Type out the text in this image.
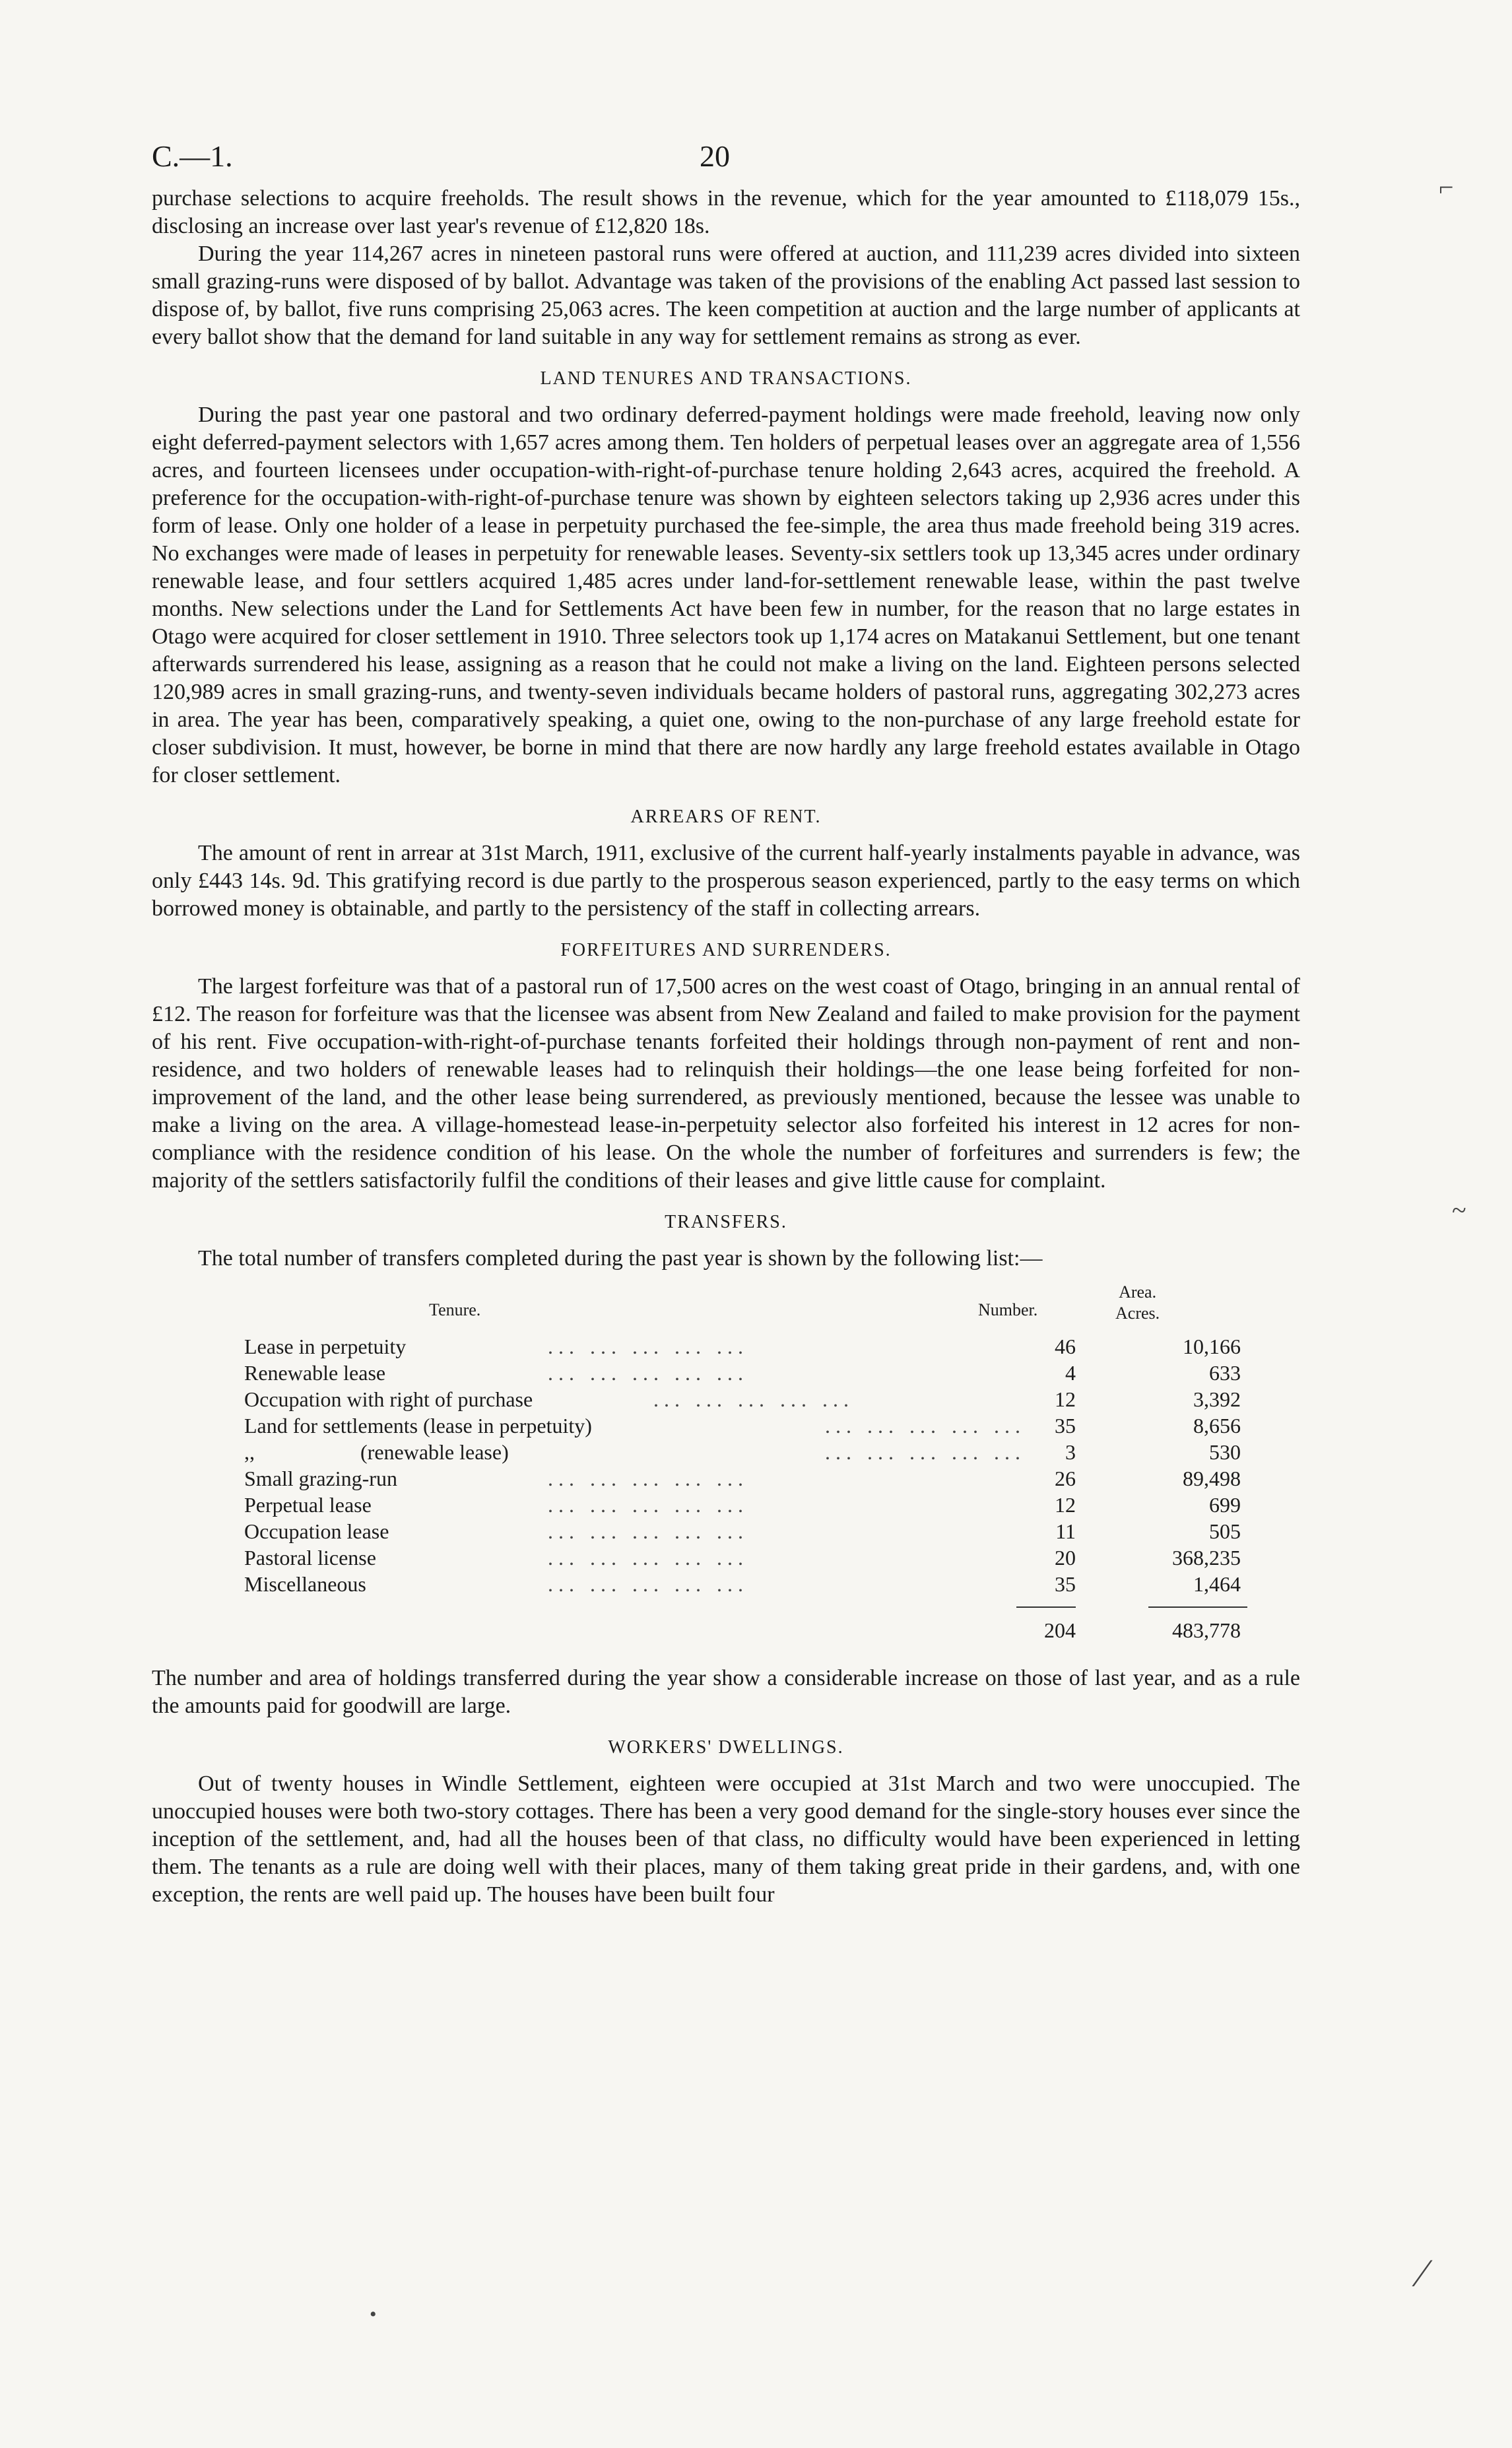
C.—1.	20

purchase selections to acquire freeholds. The result shows in the revenue, which for the year amounted to £118,079 15s., disclosing an increase over last year's revenue of £12,820 18s.

During the year 114,267 acres in nineteen pastoral runs were offered at auction, and 111,239 acres divided into sixteen small grazing-runs were disposed of by ballot. Advantage was taken of the provisions of the enabling Act passed last session to dispose of, by ballot, five runs comprising 25,063 acres. The keen competition at auction and the large number of applicants at every ballot show that the demand for land suitable in any way for settlement remains as strong as ever.

LAND TENURES AND TRANSACTIONS.

During the past year one pastoral and two ordinary deferred-payment holdings were made freehold, leaving now only eight deferred-payment selectors with 1,657 acres among them. Ten holders of perpetual leases over an aggregate area of 1,556 acres, and fourteen licensees under occupation-with-right-of-purchase tenure holding 2,643 acres, acquired the freehold. A preference for the occupation-with-right-of-purchase tenure was shown by eighteen selectors taking up 2,936 acres under this form of lease. Only one holder of a lease in perpetuity purchased the fee-simple, the area thus made freehold being 319 acres. No exchanges were made of leases in perpetuity for renewable leases. Seventy-six settlers took up 13,345 acres under ordinary renewable lease, and four settlers acquired 1,485 acres under land-for-settlement renewable lease, within the past twelve months. New selections under the Land for Settlements Act have been few in number, for the reason that no large estates in Otago were acquired for closer settlement in 1910. Three selectors took up 1,174 acres on Matakanui Settlement, but one tenant afterwards surrendered his lease, assigning as a reason that he could not make a living on the land. Eighteen persons selected 120,989 acres in small grazing-runs, and twenty-seven individuals became holders of pastoral runs, aggregating 302,273 acres in area. The year has been, comparatively speaking, a quiet one, owing to the non-purchase of any large freehold estate for closer subdivision. It must, however, be borne in mind that there are now hardly any large freehold estates available in Otago for closer settlement.

ARREARS OF RENT.

The amount of rent in arrear at 31st March, 1911, exclusive of the current half-yearly instalments payable in advance, was only £443 14s. 9d. This gratifying record is due partly to the prosperous season experienced, partly to the easy terms on which borrowed money is obtainable, and partly to the persistency of the staff in collecting arrears.

FORFEITURES AND SURRENDERS.

The largest forfeiture was that of a pastoral run of 17,500 acres on the west coast of Otago, bringing in an annual rental of £12. The reason for forfeiture was that the licensee was absent from New Zealand and failed to make provision for the payment of his rent. Five occupation-with-right-of-purchase tenants forfeited their holdings through non-payment of rent and non-residence, and two holders of renewable leases had to relinquish their holdings—the one lease being forfeited for non-improvement of the land, and the other lease being surrendered, as previously mentioned, because the lessee was unable to make a living on the area. A village-homestead lease-in-perpetuity selector also forfeited his interest in 12 acres for non-compliance with the residence condition of his lease. On the whole the number of forfeitures and surrenders is few; the majority of the settlers satisfactorily fulfil the conditions of their leases and give little cause for complaint.

TRANSFERS.

The total number of transfers completed during the past year is shown by the following list:—

Tenure.	Number.
Area.
Acres.
Lease in perpetuity	... ... ... ... ...	46	10,166
Renewable lease	... ... ... ... ...	4	633
Occupation with right of purchase	... ... ... ... ...	12	3,392
Land for settlements (lease in perpetuity)	... ... ... ... ...	35	8,656
,,                    (renewable lease)	... ... ... ... ...	3	530
Small grazing-run	... ... ... ... ...	26	89,498
Perpetual lease	... ... ... ... ...	12	699
Occupation lease	... ... ... ... ...	11	505
Pastoral license	... ... ... ... ...	20	368,235
Miscellaneous	... ... ... ... ...	35	1,464
204	483,778

The number and area of holdings transferred during the year show a considerable increase on those of last year, and as a rule the amounts paid for goodwill are large.

WORKERS' DWELLINGS.

Out of twenty houses in Windle Settlement, eighteen were occupied at 31st March and two were unoccupied. The unoccupied houses were both two-story cottages. There has been a very good demand for the single-story houses ever since the inception of the settlement, and, had all the houses been of that class, no difficulty would have been experienced in letting them. The tenants as a rule are doing well with their places, many of them taking great pride in their gardens, and, with one exception, the rents are well paid up. The houses have been built four

⌐
~
⁄
•
